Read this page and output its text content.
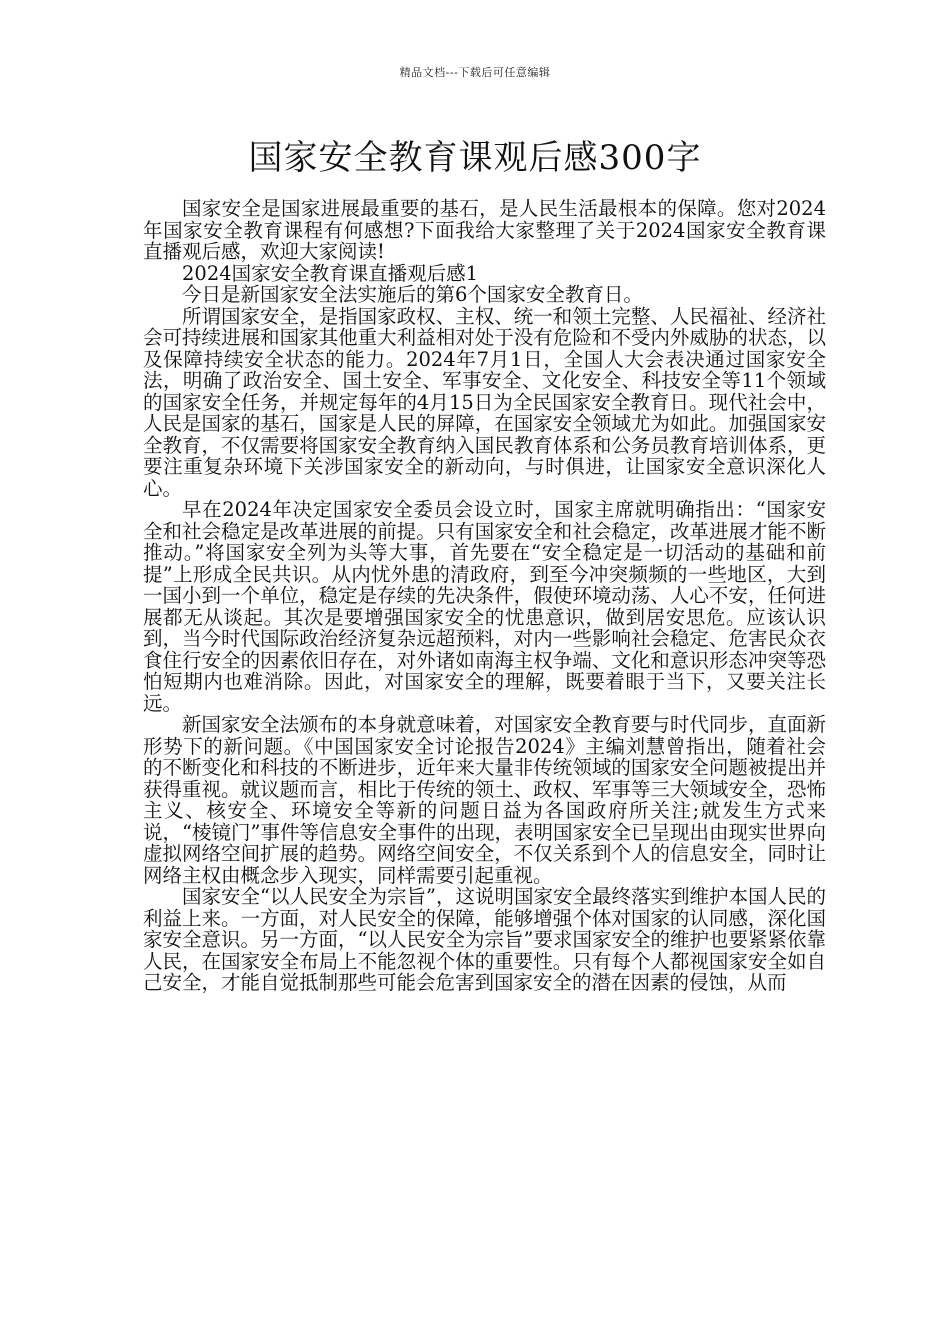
精品文档---下载后可任意编辑
国家安全教育课观后感300字

国家安全是国家进展最重要的基石，是人民生活最根本的保障。您对2024年国家安全教育课程有何感想?下面我给大家整理了关于2024国家安全教育课直播观后感，欢迎大家阅读!

2024国家安全教育课直播观后感1

今日是新国家安全法实施后的第6个国家安全教育日。

所谓国家安全，是指国家政权、主权、统一和领土完整、人民福祉、经济社会可持续进展和国家其他重大利益相对处于没有危险和不受内外威胁的状态，以及保障持续安全状态的能力。2024年7月1日，全国人大会表决通过国家安全法，明确了政治安全、国土安全、军事安全、文化安全、科技安全等11个领域的国家安全任务，并规定每年的4月15日为全民国家安全教育日。现代社会中，人民是国家的基石，国家是人民的屏障，在国家安全领域尤为如此。加强国家安全教育，不仅需要将国家安全教育纳入国民教育体系和公务员教育培训体系，更要注重复杂环境下关涉国家安全的新动向，与时俱进，让国家安全意识深化人心。

早在2024年决定国家安全委员会设立时，国家主席就明确指出：“国家安全和社会稳定是改革进展的前提。只有国家安全和社会稳定，改革进展才能不断推动。”将国家安全列为头等大事，首先要在“安全稳定是一切活动的基础和前提”上形成全民共识。从内忧外患的清政府，到至今冲突频频的一些地区，大到一国小到一个单位，稳定是存续的先决条件，假使环境动荡、人心不安，任何进展都无从谈起。其次是要增强国家安全的忧患意识，做到居安思危。应该认识到，当今时代国际政治经济复杂远超预料，对内一些影响社会稳定、危害民众衣食住行安全的因素依旧存在，对外诸如南海主权争端、文化和意识形态冲突等恐怕短期内也难消除。因此，对国家安全的理解，既要着眼于当下，又要关注长远。

新国家安全法颁布的本身就意味着，对国家安全教育要与时代同步，直面新形势下的新问题。《中国国家安全讨论报告2024》主编刘慧曾指出，随着社会的不断变化和科技的不断进步，近年来大量非传统领域的国家安全问题被提出并获得重视。就议题而言，相比于传统的领土、政权、军事等三大领域安全，恐怖主义、核安全、环境安全等新的问题日益为各国政府所关注;就发生方式来说，“棱镜门”事件等信息安全事件的出现，表明国家安全已呈现出由现实世界向虚拟网络空间扩展的趋势。网络空间安全，不仅关系到个人的信息安全，同时让网络主权由概念步入现实，同样需要引起重视。

国家安全“以人民安全为宗旨”，这说明国家安全最终落实到维护本国人民的利益上来。一方面，对人民安全的保障，能够增强个体对国家的认同感，深化国家安全意识。另一方面，“以人民安全为宗旨”要求国家安全的维护也要紧紧依靠人民，在国家安全布局上不能忽视个体的重要性。只有每个人都视国家安全如自己安全，才能自觉抵制那些可能会危害到国家安全的潜在因素的侵蚀，从而
